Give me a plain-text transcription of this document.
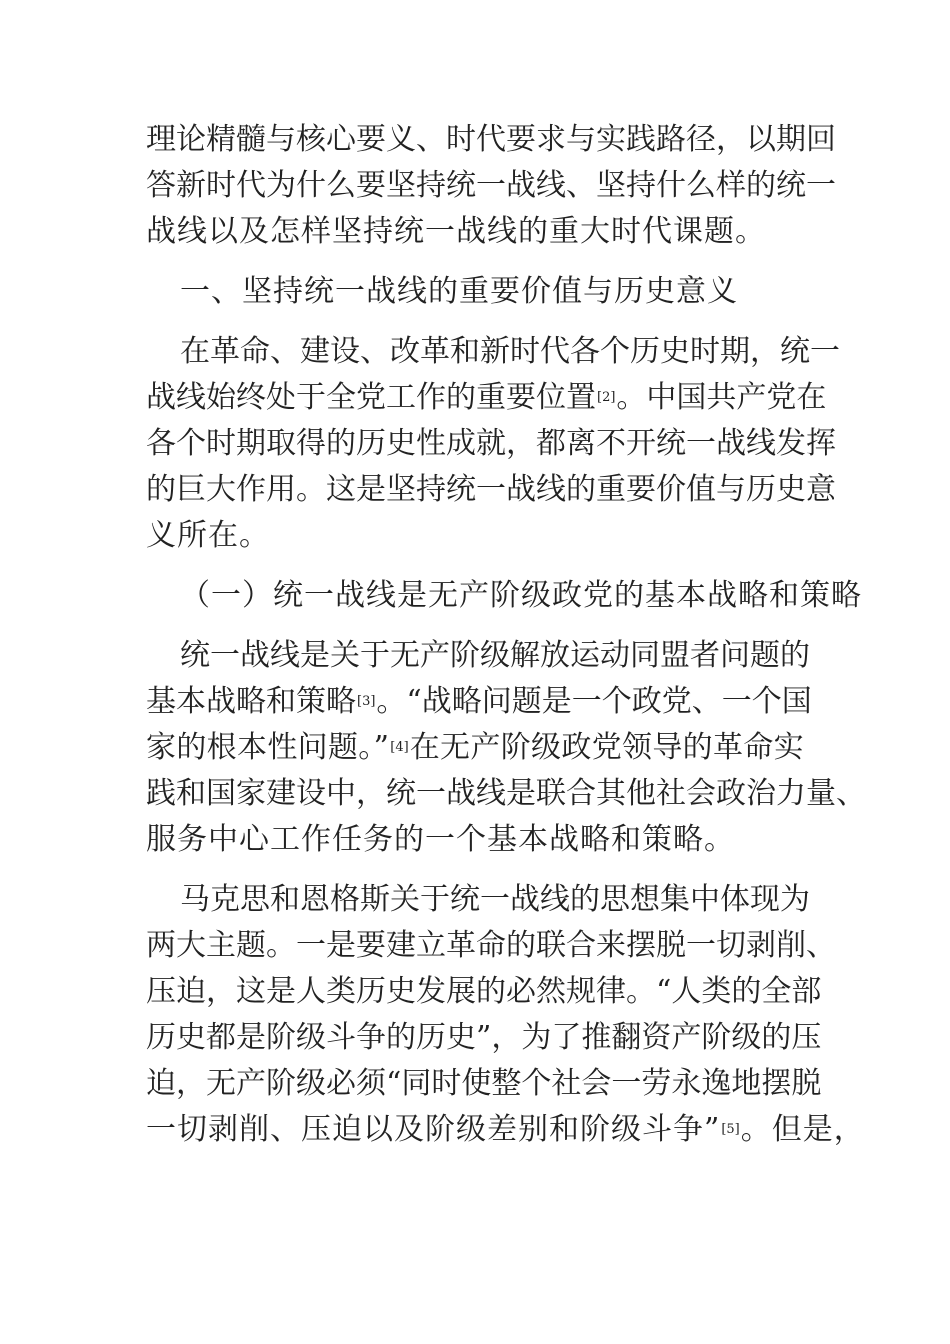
理论精髓与核心要义、时代要求与实践路径，以期回
答新时代为什么要坚持统一战线、坚持什么样的统一
战线以及怎样坚持统一战线的重大时代课题。
一、坚持统一战线的重要价值与历史意义
在革命、建设、改革和新时代各个历史时期，统一
战线始终处于全党工作的重要位置[2]。中国共产党在
各个时期取得的历史性成就，都离不开统一战线发挥
的巨大作用。这是坚持统一战线的重要价值与历史意
义所在。
（一）统一战线是无产阶级政党的基本战略和策略
统一战线是关于无产阶级解放运动同盟者问题的
基本战略和策略[3]。“战略问题是一个政党、一个国
家的根本性问题。”[4]在无产阶级政党领导的革命实
践和国家建设中，统一战线是联合其他社会政治力量、
服务中心工作任务的一个基本战略和策略。
马克思和恩格斯关于统一战线的思想集中体现为
两大主题。一是要建立革命的联合来摆脱一切剥削、
压迫，这是人类历史发展的必然规律。“人类的全部
历史都是阶级斗争的历史”，为了推翻资产阶级的压
迫，无产阶级必须“同时使整个社会一劳永逸地摆脱
一切剥削、压迫以及阶级差别和阶级斗争”[5]。但是，
